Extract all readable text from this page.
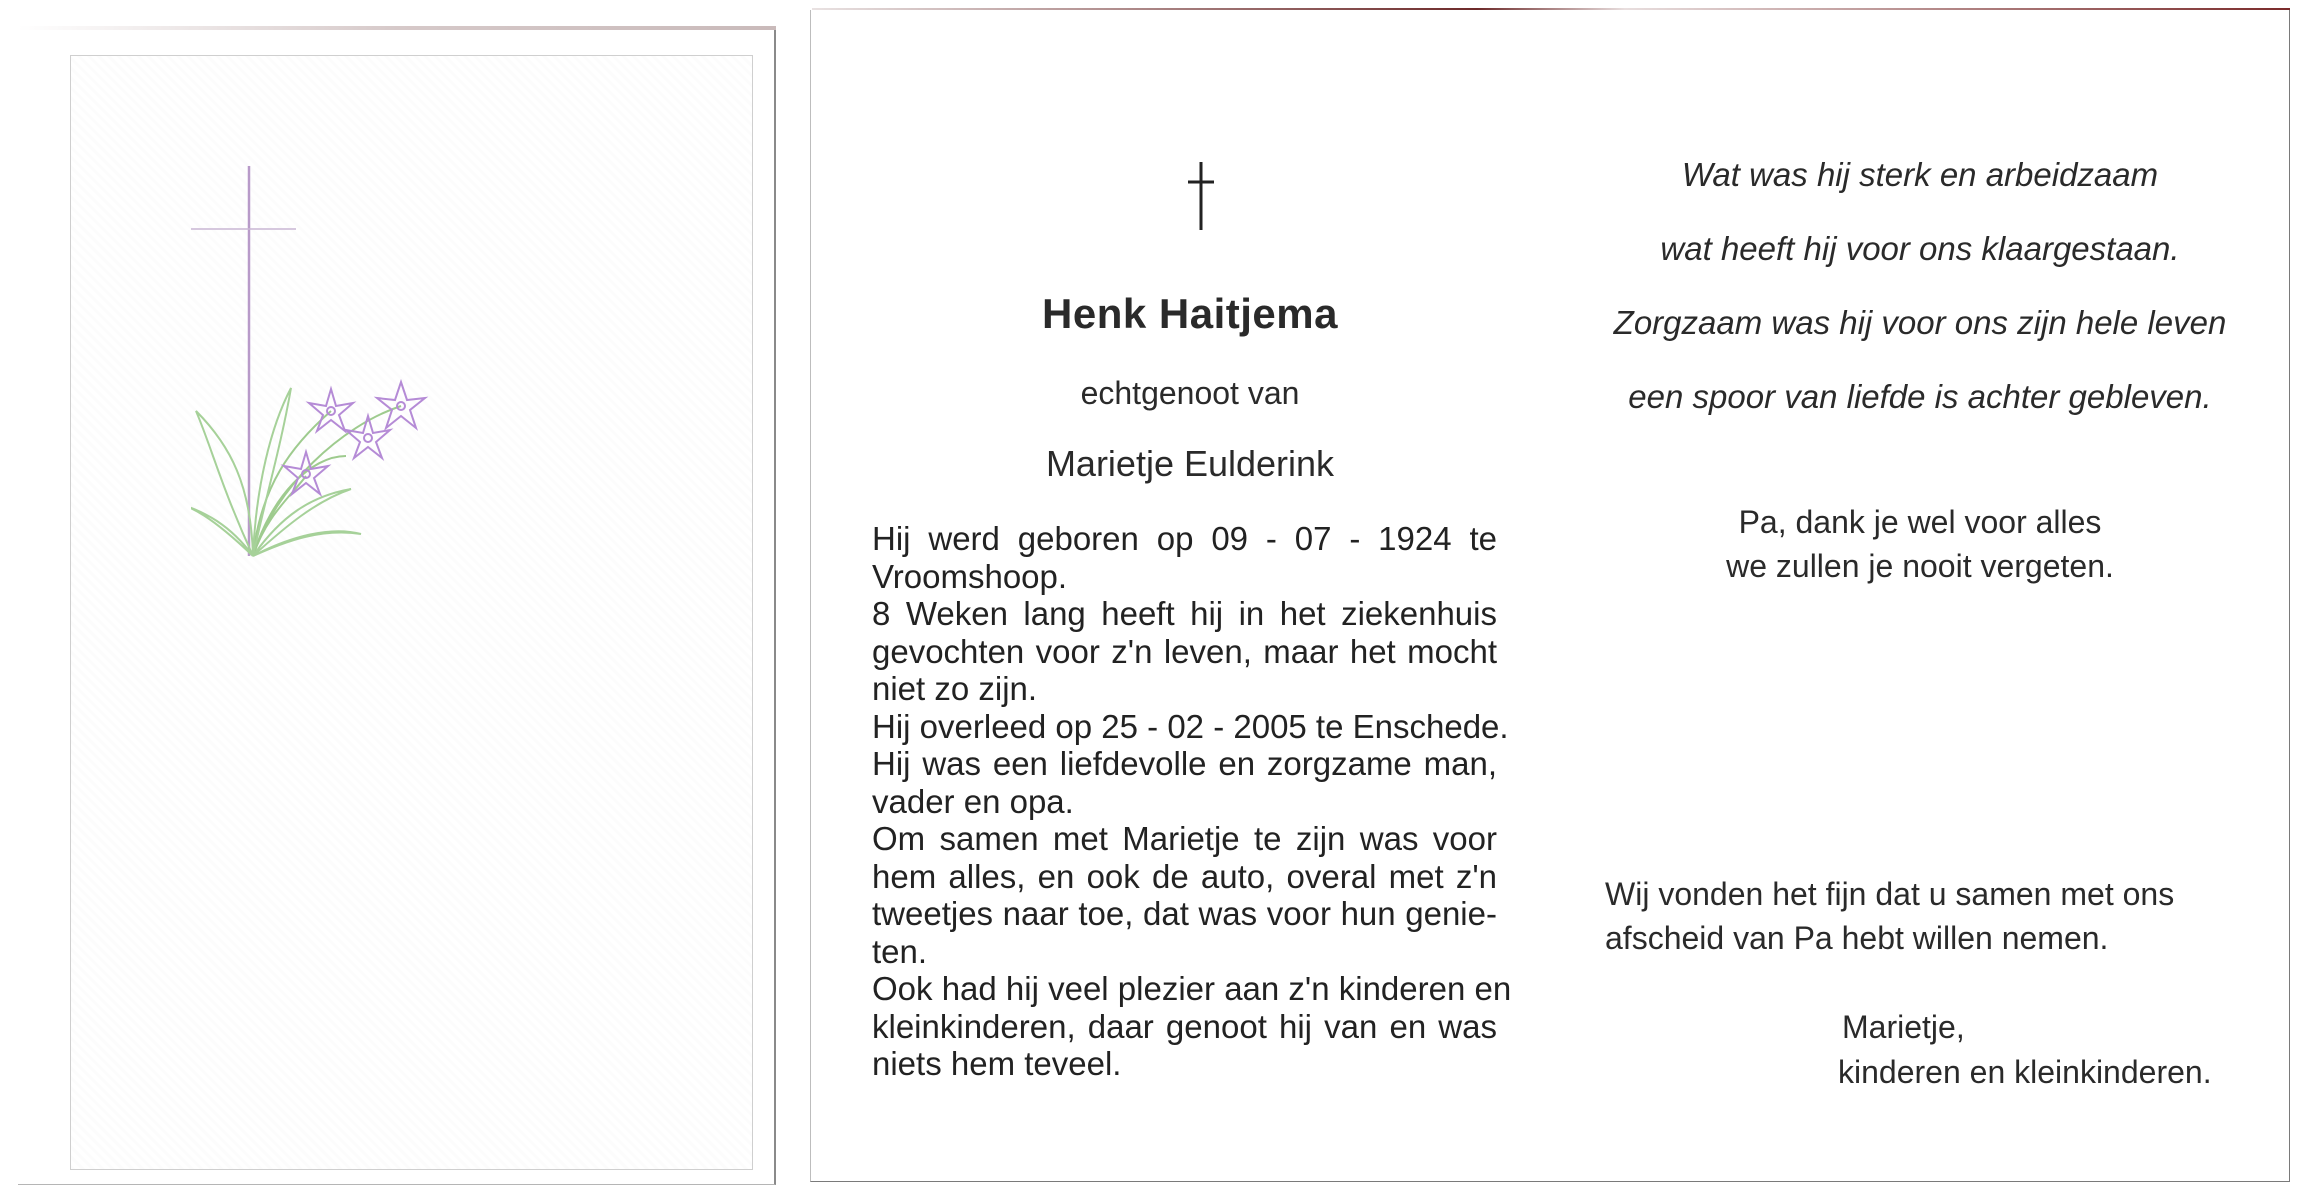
Henk Haitjema
echtgenoot van
Marietje Eulderink
Hij werd geboren op 09 - 07 - 1924 te
Vroomshoop.
8 Weken lang heeft hij in het ziekenhuis
gevochten voor z'n leven, maar het mocht
niet zo zijn.
Hij overleed op 25 - 02 - 2005 te Enschede.
Hij was een liefdevolle en zorgzame man,
vader en opa.
Om samen met Marietje te zijn was voor
hem alles, en ook de auto, overal met z'n
tweetjes naar toe, dat was voor hun genie-
ten.
Ook had hij veel plezier aan z'n kinderen en
kleinkinderen, daar genoot hij van en was
niets hem teveel.
Wat was hij sterk en arbeidzaam
wat heeft hij voor ons klaargestaan.
Zorgzaam was hij voor ons zijn hele leven
een spoor van liefde is achter gebleven.
Pa, dank je wel voor alles
we zullen je nooit vergeten.
Wij vonden het fijn dat u samen met ons
afscheid van Pa hebt willen nemen.
Marietje,
kinderen en kleinkinderen.
